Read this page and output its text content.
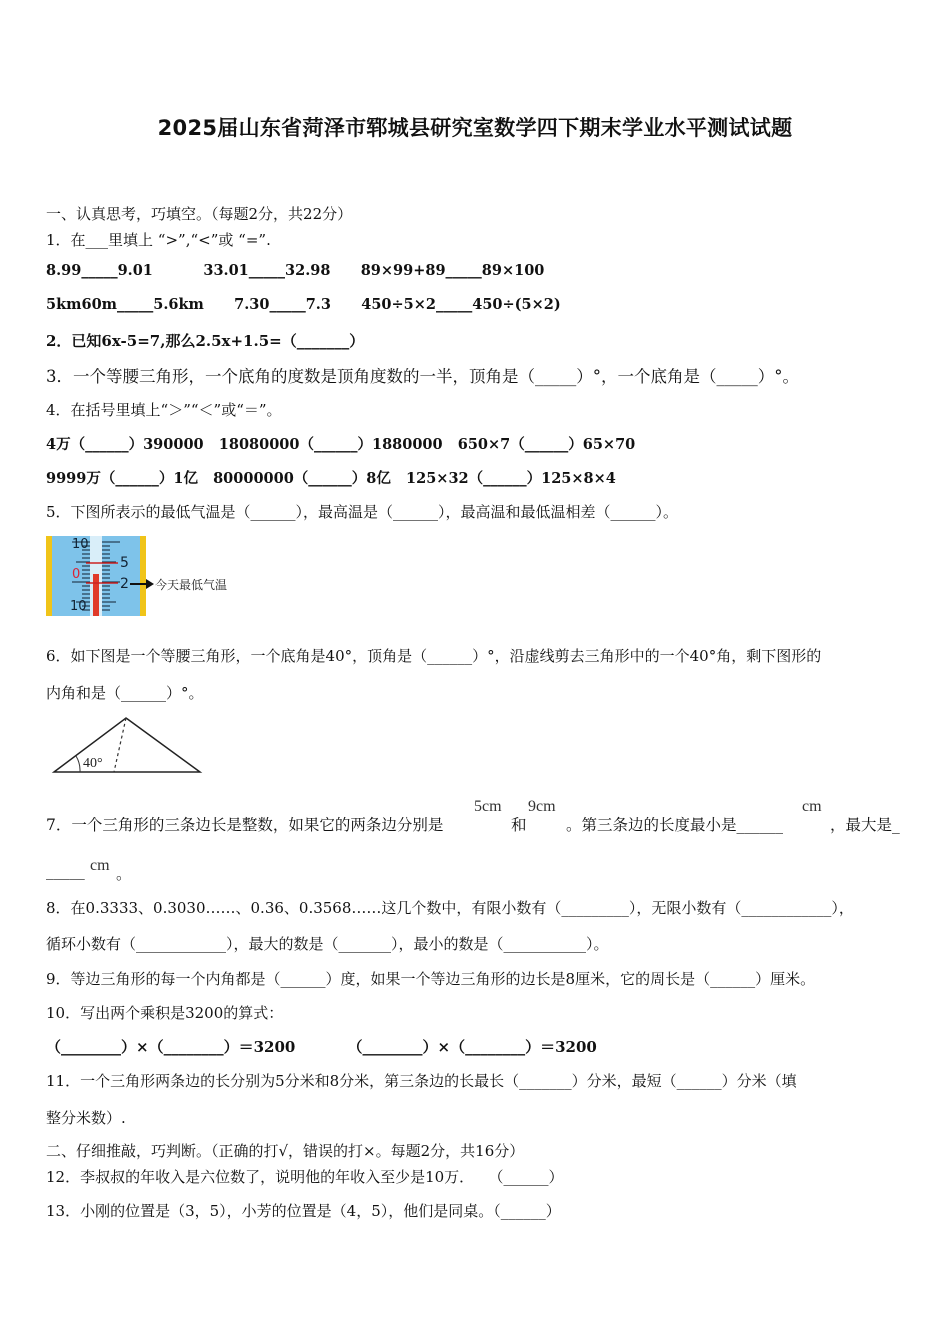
2025届山东省菏泽市郓城县研究室数学四下期末学业水平测试试题
一、认真思考，巧填空。（每题2分，共22分）
1．在___里填上 “>”,“<”或 “=”.
8.99_____9.01          33.01_____32.98      89×99+89_____89×100
5km60m_____5.6km      7.30_____7.3      450÷5×2_____450÷(5×2)
2．已知6x-5=7,那么2.5x+1.5=（_______）
3．一个等腰三角形，一个底角的度数是顶角度数的一半，顶角是（_____）°，一个底角是（_____）°。
4．在括号里填上“＞”“＜”或“＝”。
4万（______）390000   18080000（______）1880000   650×7（______）65×70
9999万（______）1亿   80000000（______）8亿   125×32（______）125×8×4
5．下图所表示的最低气温是（______），最高温是（______），最高温和最低温相差（______）。
10
0
10
5
2 今天最低气温
6．如下图是一个等腰三角形，一个底角是40°，顶角是（______）°，沿虚线剪去三角形中的一个40°角，剩下图形的
内角和是（______）°。
40°
7．一个三角形的三条边长是整数，如果它的两条边分别是
5cm
和
9cm
。第三条边的长度最小是______
cm
，最大是_
_____ cm 。
8．在0.3333、0.3030……、0.36、0.3568……这几个数中，有限小数有（_________），无限小数有（____________），
循环小数有（____________），最大的数是（_______），最小的数是（___________）。
9．等边三角形的每一个内角都是（______）度，如果一个等边三角形的边长是8厘米，它的周长是（______）厘米。
10．写出两个乘积是3200的算式：
（________）×（________）＝3200          （________）×（________）＝3200
11．一个三角形两条边的长分别为5分米和8分米，第三条边的长最长（_______）分米，最短（______）分米（填
整分米数）.
二、仔细推敲，巧判断。（正确的打√，错误的打×。每题2分，共16分）
12．李叔叔的年收入是六位数了，说明他的年收入至少是10万．   （______）
13．小刚的位置是（3，5），小芳的位置是（4，5），他们是同桌。（______）
